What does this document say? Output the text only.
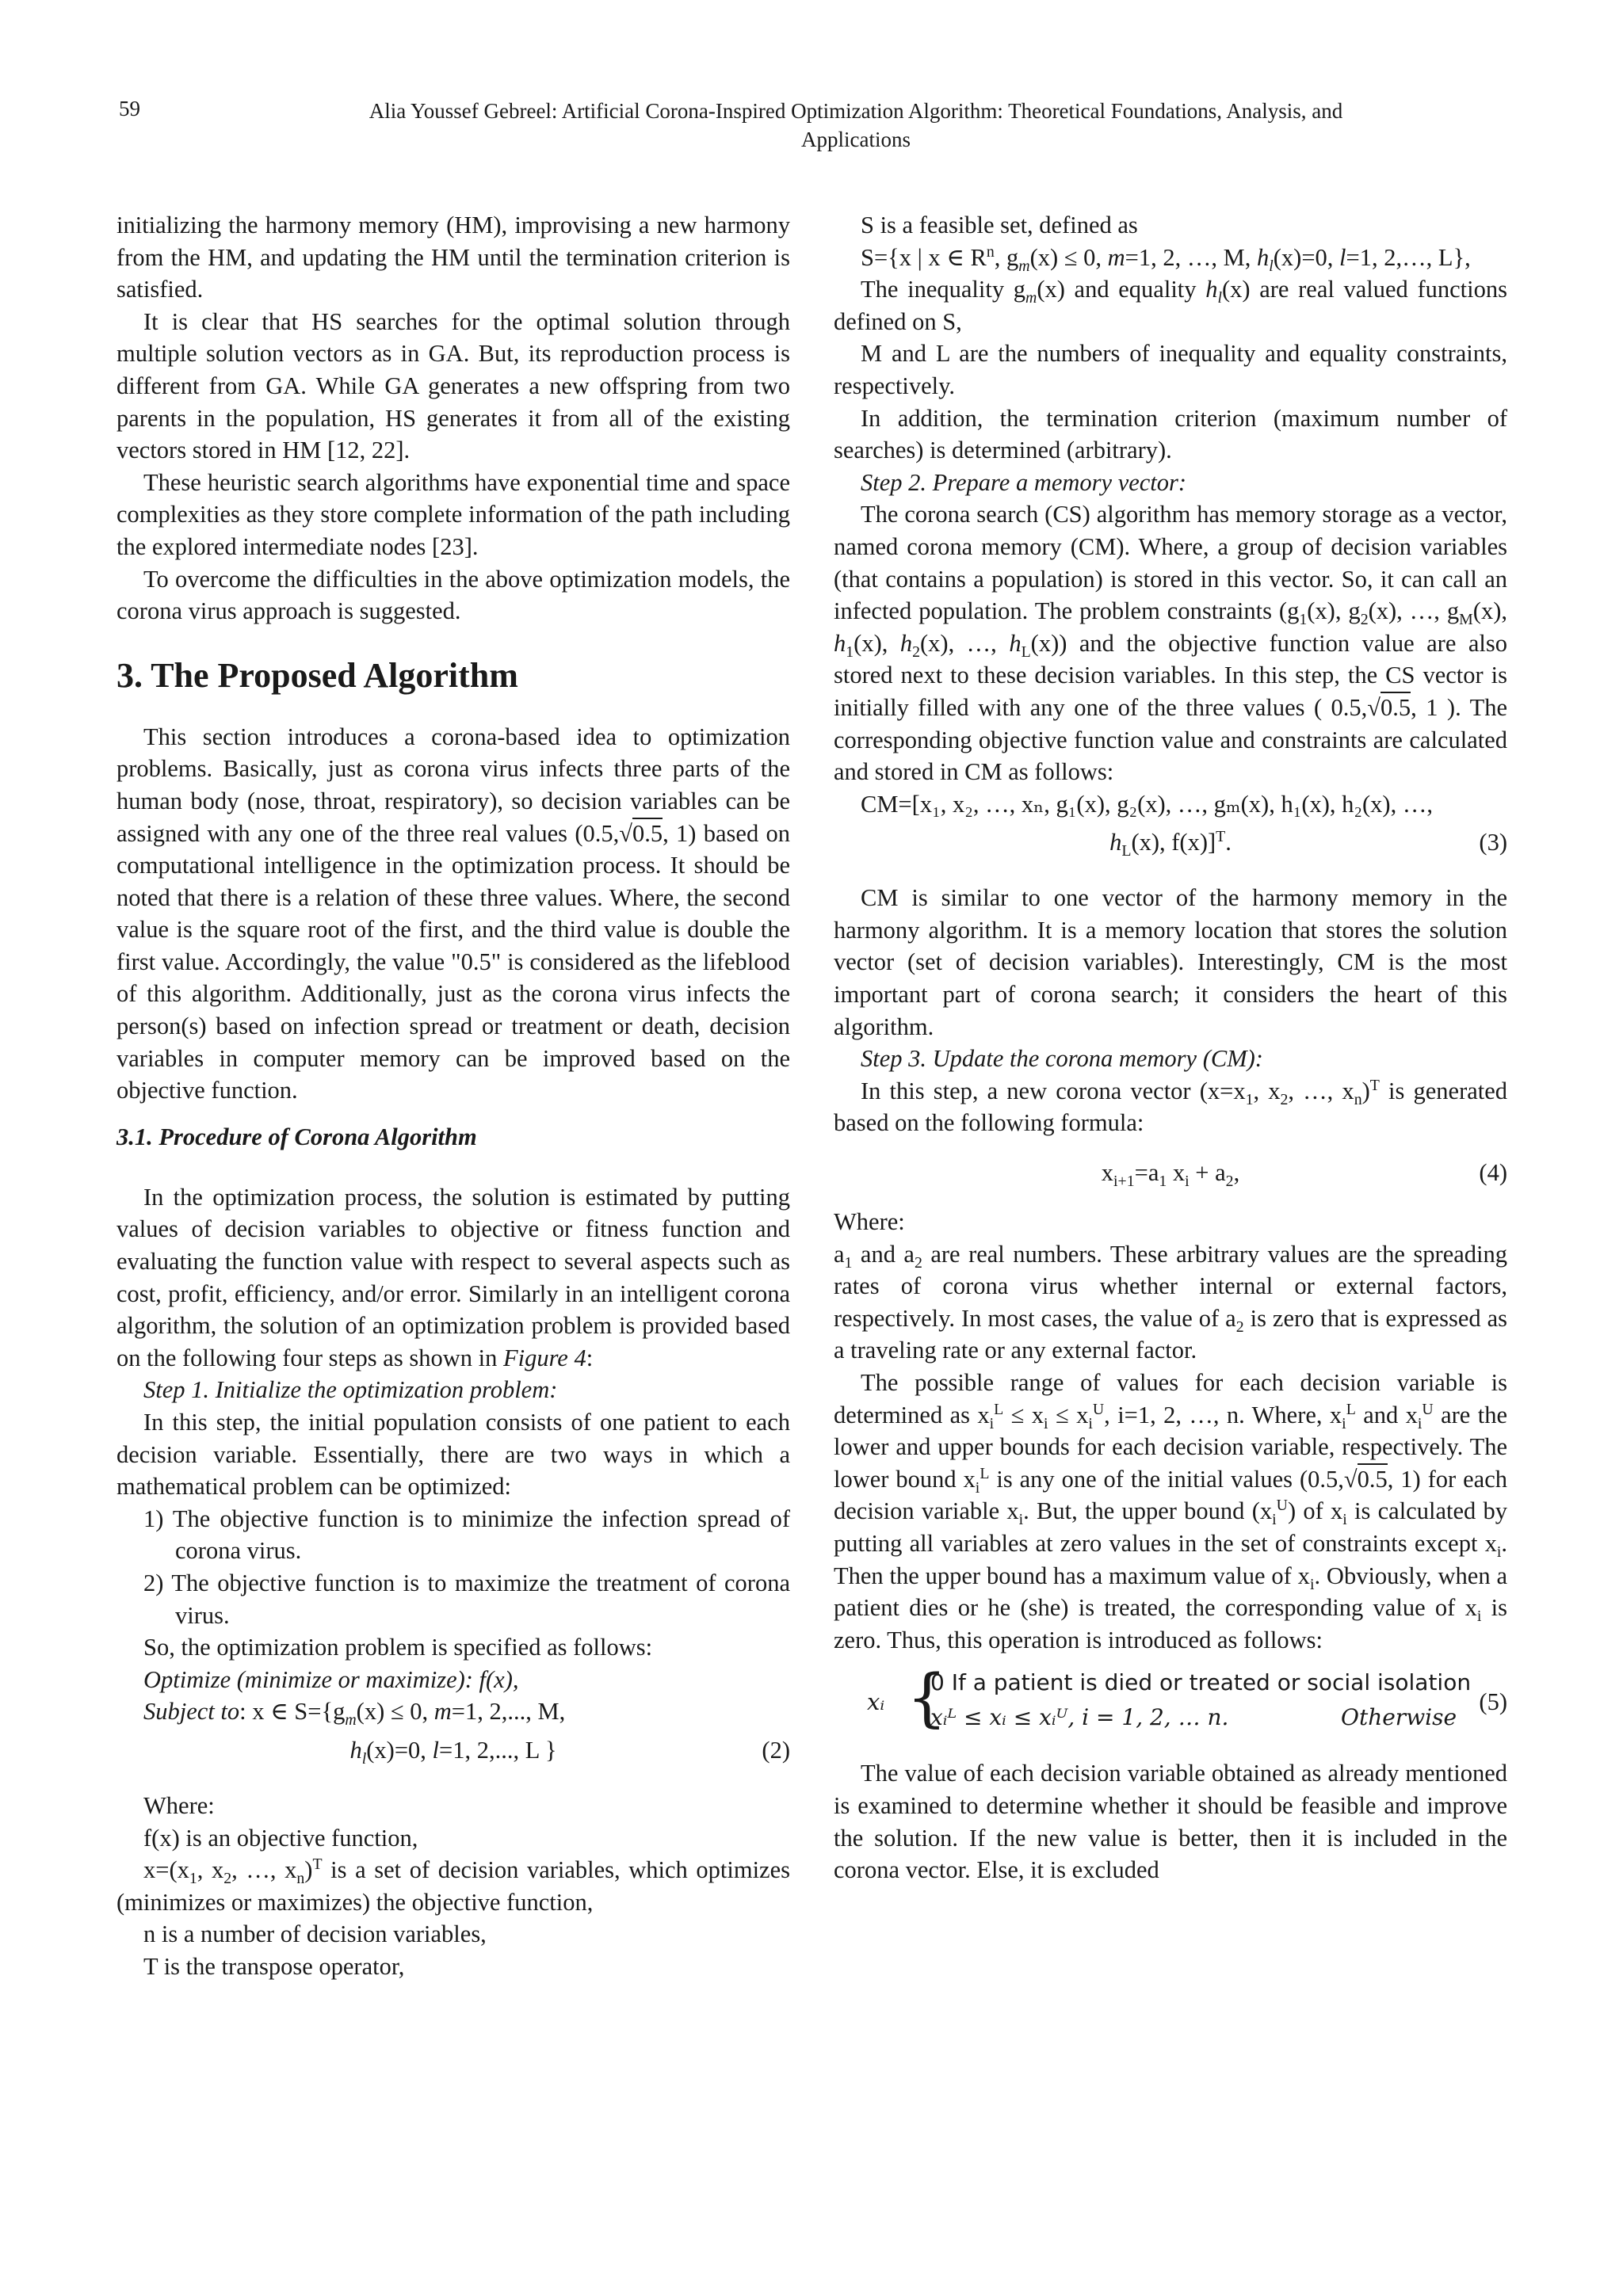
59	Alia Youssef Gebreel: Artificial Corona-Inspired Optimization Algorithm: Theoretical Foundations, Analysis, and Applications

initializing the harmony memory (HM), improvising a new harmony from the HM, and updating the HM until the termination criterion is satisfied.

It is clear that HS searches for the optimal solution through multiple solution vectors as in GA. But, its reproduction process is different from GA. While GA generates a new offspring from two parents in the population, HS generates it from all of the existing vectors stored in HM [12, 22].

These heuristic search algorithms have exponential time and space complexities as they store complete information of the path including the explored intermediate nodes [23].

To overcome the difficulties in the above optimization models, the corona virus approach is suggested.

3. The Proposed Algorithm

This section introduces a corona-based idea to optimization problems. Basically, just as corona virus infects three parts of the human body (nose, throat, respiratory), so decision variables can be assigned with any one of the three real values (0.5,√0.5, 1) based on computational intelligence in the optimization process. It should be noted that there is a relation of these three values. Where, the second value is the square root of the first, and the third value is double the first value. Accordingly, the value "0.5" is considered as the lifeblood of this algorithm. Additionally, just as the corona virus infects the person(s) based on infection spread or treatment or death, decision variables in computer memory can be improved based on the objective function.

3.1. Procedure of Corona Algorithm

In the optimization process, the solution is estimated by putting values of decision variables to objective or fitness function and evaluating the function value with respect to several aspects such as cost, profit, efficiency, and/or error. Similarly in an intelligent corona algorithm, the solution of an optimization problem is provided based on the following four steps as shown in Figure 4:

Step 1. Initialize the optimization problem:

In this step, the initial population consists of one patient to each decision variable. Essentially, there are two ways in which a mathematical problem can be optimized:

1) The objective function is to minimize the infection spread of corona virus.

2) The objective function is to maximize the treatment of corona virus.

So, the optimization problem is specified as follows:

Optimize (minimize or maximize): f(x),

Subject to: x ∈ $S=\{g_m(x) \le 0$, m=1, 2,..., M,

$h_l(x)=0$, l=1, 2,..., L }	(2)

Where:

f(x) is an objective function,

$x=(x_1$, $x_2$, …, $x_n)^T$ is a set of decision variables, which optimizes (minimizes or maximizes) the objective function,

n is a number of decision variables,

T is the transpose operator,

S is a feasible set, defined as

S={x | x ∈ $R^n$, $g_m(x) \le 0$, m=1, 2, …, M, $h_l(x)=0$, l=1, 2,…, L},

The inequality $g_m(x)$ and equality $h_l(x)$ are real valued functions defined on S,

M and L are the numbers of inequality and equality constraints, respectively.

In addition, the termination criterion (maximum number of searches) is determined (arbitrary).

Step 2. Prepare a memory vector:

The corona search (CS) algorithm has memory storage as a vector, named corona memory (CM). Where, a group of decision variables (that contains a population) is stored in this vector. So, it can call an infected population. The problem constraints ($g_1(x)$, $g_2(x)$, …, $g_M(x)$, $h_1(x)$, $h_2(x)$, …, $h_L(x)$) and the objective function value are also stored next to these decision variables. In this step, the CS vector is initially filled with any one of the three values ( 0.5,√0.5, 1 ). The corresponding objective function value and constraints are calculated and stored in CM as follows:

CM=[x₁, x₂, …, xₙ, g₁(x), g₂(x), …, gₘ(x), h₁(x), h₂(x), …,

$h_L(x)$, f(x)]$^T$.	(3)

CM is similar to one vector of the harmony memory in the harmony algorithm. It is a memory location that stores the solution vector (set of decision variables). Interestingly, CM is the most important part of corona search; it considers the heart of this algorithm.

Step 3. Update the corona memory (CM):

In this step, a new corona vector ($x=x_1$, $x_2$, …, $x_n)^T$ is generated based on the following formula:

$x_{i+1}=a_1$ $x_i + a_2$,	(4)

Where:

$a_1$ and $a_2$ are real numbers. These arbitrary values are the spreading rates of corona virus whether internal or external factors, respectively. In most cases, the value of $a_2$ is zero that is expressed as a traveling rate or any external factor.

The possible range of values for each decision variable is determined as $x_i^L \le x_i \le x_i^U$, i=1, 2, …, n. Where, $x_i^L$ and $x_i^U$ are the lower and upper bounds for each decision variable, respectively. The lower bound $x_i^L$ is any one of the initial values (0.5,√0.5, 1) for each decision variable $x_i$. But, the upper bound $(x_i^U)$ of $x_i$ is calculated by putting all variables at zero values in the set of constraints except $x_i$. Then the upper bound has a maximum value of $x_i$. Obviously, when a patient dies or he (she) is treated, the corresponding value of $x_i$ is zero. Thus, this operation is introduced as follows:

xᵢ {
0 If a patient is died or treated or social isolation
xᵢᴸ ≤ xᵢ ≤ xᵢᵁ, i = 1, 2, … n.	Otherwise
(5)

The value of each decision variable obtained as already mentioned is examined to determine whether it should be feasible and improve the solution. If the new value is better, then it is included in the corona vector. Else, it is excluded
